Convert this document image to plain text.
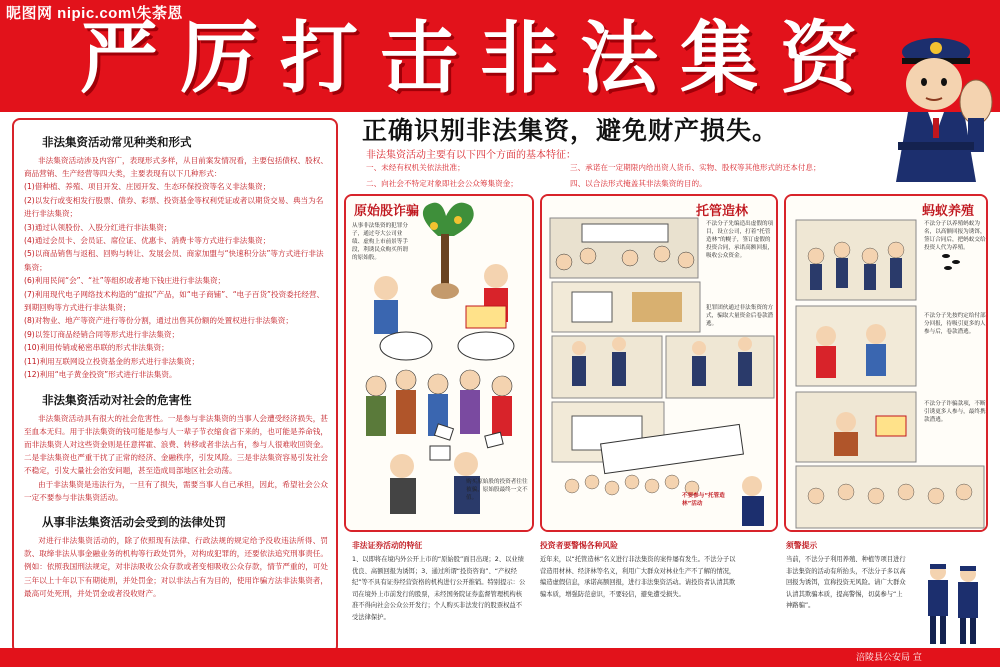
昵图网 nipic.com\朱荼恩
严厉打击非法集资
非法集资活动常见种类和形式
非法集资活动涉及内容广，表现形式多样，从目前案发情况看，主要包括债权、股权、商品营销、生产经营等四大类，主要表现有以下几种形式：
(1)借种植、养殖、项目开发、庄园开发、生态环保投资等名义非法集资；
(2)以发行或变相发行股票、债券、彩票、投资基金等权利凭证或者以期货交易、典当为名进行非法集资；
(3)通过认领股份、入股分红进行非法集资；
(4)通过会员卡、会员证、席位证、优惠卡、消费卡等方式进行非法集资；
(5)以商品销售与返租、回购与转让、发展会员、商家加盟与“快速积分法”等方式进行非法集资；
(6)利用民间“会”、“社”等组织或者地下钱庄进行非法集资；
(7)利用现代电子网络技术构造的“虚拟”产品，如“电子商铺”、“电子百货”投资委托经营、到期回购等方式进行非法集资；
(8)对物业、地产等资产进行等份分割，通过出售其份额的处置权进行非法集资；
(9)以签订商品经销合同等形式进行非法集资；
(10)利用传销或秘密串联的形式非法集资；
(11)利用互联网设立投资基金的形式进行非法集资；
(12)利用“电子黄金投资”形式进行非法集资。
非法集资活动对社会的危害性
非法集资活动具有很大的社会危害性。一是参与非法集资的当事人会遭受经济损失，甚至血本无归。用于非法集资的钱可能是参与人一辈子节衣缩食省下来的，也可能是养命钱，而非法集资人对这些资金则是任意挥霍、浪费、转移或者非法占有，参与人很难收回资金。二是非法集资也严重干扰了正常的经济、金融秩序，引发风险。三是非法集资容易引发社会不稳定，引发大量社会治安问题，甚至造成局部地区社会动荡。
由于非法集资是违法行为，一旦有了损失，需要当事人自己承担，因此，希望社会公众一定不要参与非法集资活动。
从事非法集资活动会受到的法律处罚
对进行非法集资活动的，除了依照现有法律、行政法规的规定给予没收违法所得、罚款、取缔非法从事金融业务的机构等行政处罚外，对构成犯罪的，还要依法追究刑事责任。例如：依照我国刑法规定，对非法吸收公众存款或者变相吸收公众存款，情节严重的，可处三年以上十年以下有期徒刑，并处罚金；对以非法占有为目的，使用诈骗方法非法集资者，最高可处死刑，并处罚金或者没收财产。
正确识别非法集资，避免财产损失。
非法集资活动主要有以下四个方面的基本特征：
一、未经有权机关依法批准；
二、向社会不特定对象即社会公众筹集资金；
三、承诺在一定期限内给出资人货币、实物、股权等其他形式的还本付息；
四、以合法形式掩盖其非法集资的目的。
原始股诈骗
从事非法集资的犯罪分子，通过夸大公司业绩、虚构上市前景等手段，利诱民众购买所谓的原始股。
购买原始股的投资者往往被骗，原始股最终一文不值。
托管造林
不法分子先编造出虚假的项目，设立公司，打着“托管造林”的幌子，签订虚假的投资合同，承诺高额回报，吸收公众资金。
犯罪团伙通过非法集资的方式，骗取大量资金后卷款潜逃。
不要参与“托管造林”活动
蚂蚁养殖
不法分子以养殖蚂蚁为名，以高额回报为诱饵，签订合同后，把蚂蚁交给投资人代为养殖。
不法分子先按约定给付部分回报，待吸引更多的人参与后，卷款潜逃。
不法分子诈骗款项，不断引诱更多人参与，最终携款潜逃。
非法证券活动的特征
1、以即将在境内外公开上市的“原始股”面目出现；2、以业绩优良、高额回报为诱饵；3、通过所谓“投资咨询”、“产权经纪”等不具有证券经营资格的机构进行公开推销。特别提示：公司在境外上市前发行的股票，未经国务院证券监督管理机构核准不得向社会公众公开发行；个人购买非法发行的股票权益不受法律保护。
投资者要警惕各种风险
近年来，以“托管造林”名义进行非法集资的案件屡有发生。不法分子以营造用材林、经济林等名义，利用广大群众对林业生产不了解的情况，编造虚假信息，承诺高额回报，进行非法集资活动。请投资者认清其欺骗本质，增强防范意识，不要轻信，避免遭受损失。
须警提示
当前，不法分子利用养殖、种植等项目进行非法集资的活动有所抬头，不法分子多以高回报为诱饵，宣称投资无风险。请广大群众认清其欺骗本质，提高警惕，切莫参与“上神路骗”。
涪陵县公安局 宣
